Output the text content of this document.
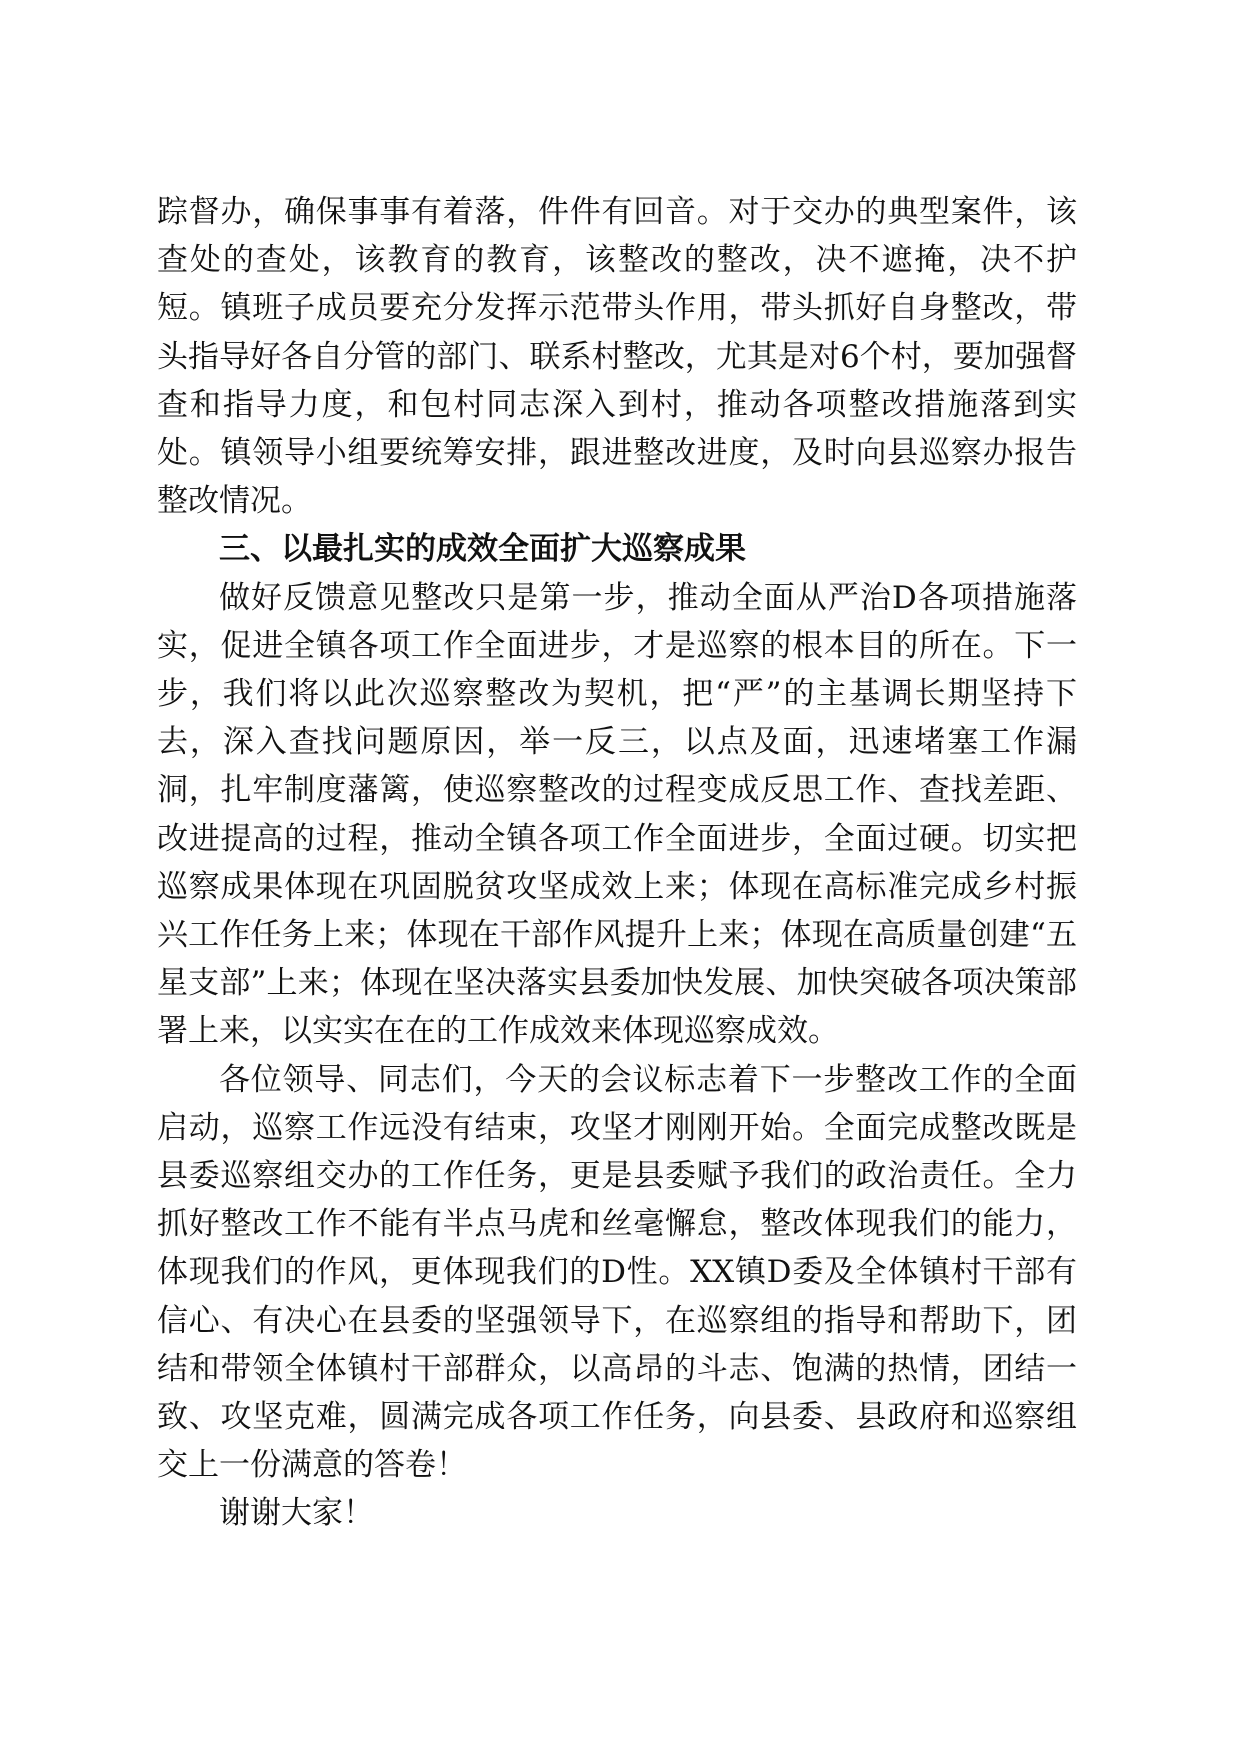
踪督办，确保事事有着落，件件有回音。对于交办的典型案件，该查处的查处，该教育的教育，该整改的整改，决不遮掩，决不护短。镇班子成员要充分发挥示范带头作用，带头抓好自身整改，带头指导好各自分管的部门、联系村整改，尤其是对6个村，要加强督查和指导力度，和包村同志深入到村，推动各项整改措施落到实处。镇领导小组要统筹安排，跟进整改进度，及时向县巡察办报告整改情况。

三、以最扎实的成效全面扩大巡察成果

做好反馈意见整改只是第一步，推动全面从严治D各项措施落实，促进全镇各项工作全面进步，才是巡察的根本目的所在。下一步，我们将以此次巡察整改为契机，把“严”的主基调长期坚持下去，深入查找问题原因，举一反三，以点及面，迅速堵塞工作漏洞，扎牢制度藩篱，使巡察整改的过程变成反思工作、查找差距、改进提高的过程，推动全镇各项工作全面进步，全面过硬。切实把巡察成果体现在巩固脱贫攻坚成效上来；体现在高标准完成乡村振兴工作任务上来；体现在干部作风提升上来；体现在高质量创建“五星支部”上来；体现在坚决落实县委加快发展、加快突破各项决策部署上来，以实实在在的工作成效来体现巡察成效。

各位领导、同志们，今天的会议标志着下一步整改工作的全面启动，巡察工作远没有结束，攻坚才刚刚开始。全面完成整改既是县委巡察组交办的工作任务，更是县委赋予我们的政治责任。全力抓好整改工作不能有半点马虎和丝毫懈怠，整改体现我们的能力，体现我们的作风，更体现我们的D性。XX镇D委及全体镇村干部有信心、有决心在县委的坚强领导下，在巡察组的指导和帮助下，团结和带领全体镇村干部群众，以高昂的斗志、饱满的热情，团结一致、攻坚克难，圆满完成各项工作任务，向县委、县政府和巡察组交上一份满意的答卷！

谢谢大家！
